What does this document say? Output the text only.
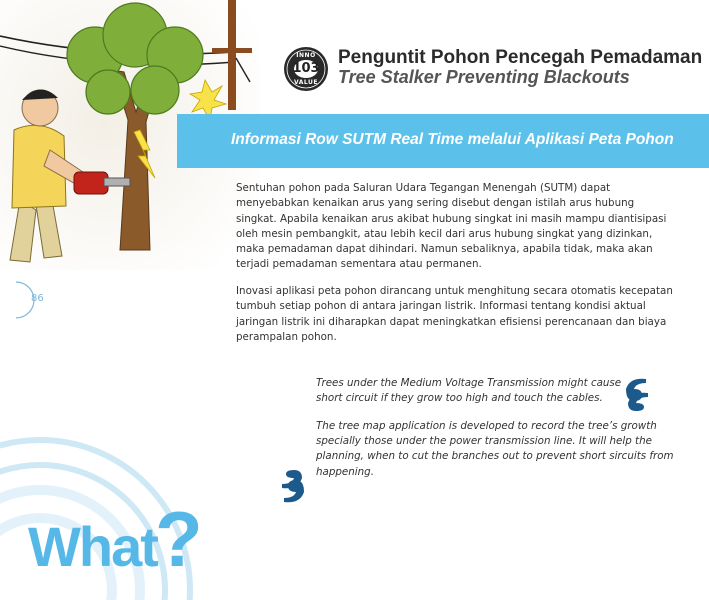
INNO
103
VALUE
Penguntit Pohon Pencegah Pemadaman
Tree Stalker Preventing Blackouts

Informasi Row SUTM Real Time melalui Aplikasi Peta Pohon

Sentuhan pohon pada Saluran Udara Tegangan Menengah (SUTM) dapat menyebabkan kenaikan arus yang sering disebut dengan istilah arus hubung singkat. Apabila kenaikan arus akibat hubung singkat ini masih mampu diantisipasi oleh mesin pembangkit, atau lebih kecil dari arus hubung singkat yang dizinkan, maka pemadaman dapat dihindari. Namun sebaliknya, apabila tidak, maka akan terjadi pemadaman sementara atau permanen.

Inovasi aplikasi peta pohon dirancang untuk menghitung secara otomatis kecepatan tumbuh setiap pohon di antara jaringan listrik. Informasi tentang kondisi aktual jaringan listrik ini diharapkan dapat meningkatkan efisiensi perencanaan dan biaya perampalan pohon.

86

Trees under the Medium Voltage Transmission might cause short circuit if they grow too high and touch the cables.

The tree map application is developed to record the tree’s growth specially those under the power transmission line. It will help the planning, when to cut the branches out to prevent short sircuits from happening.

What
?
